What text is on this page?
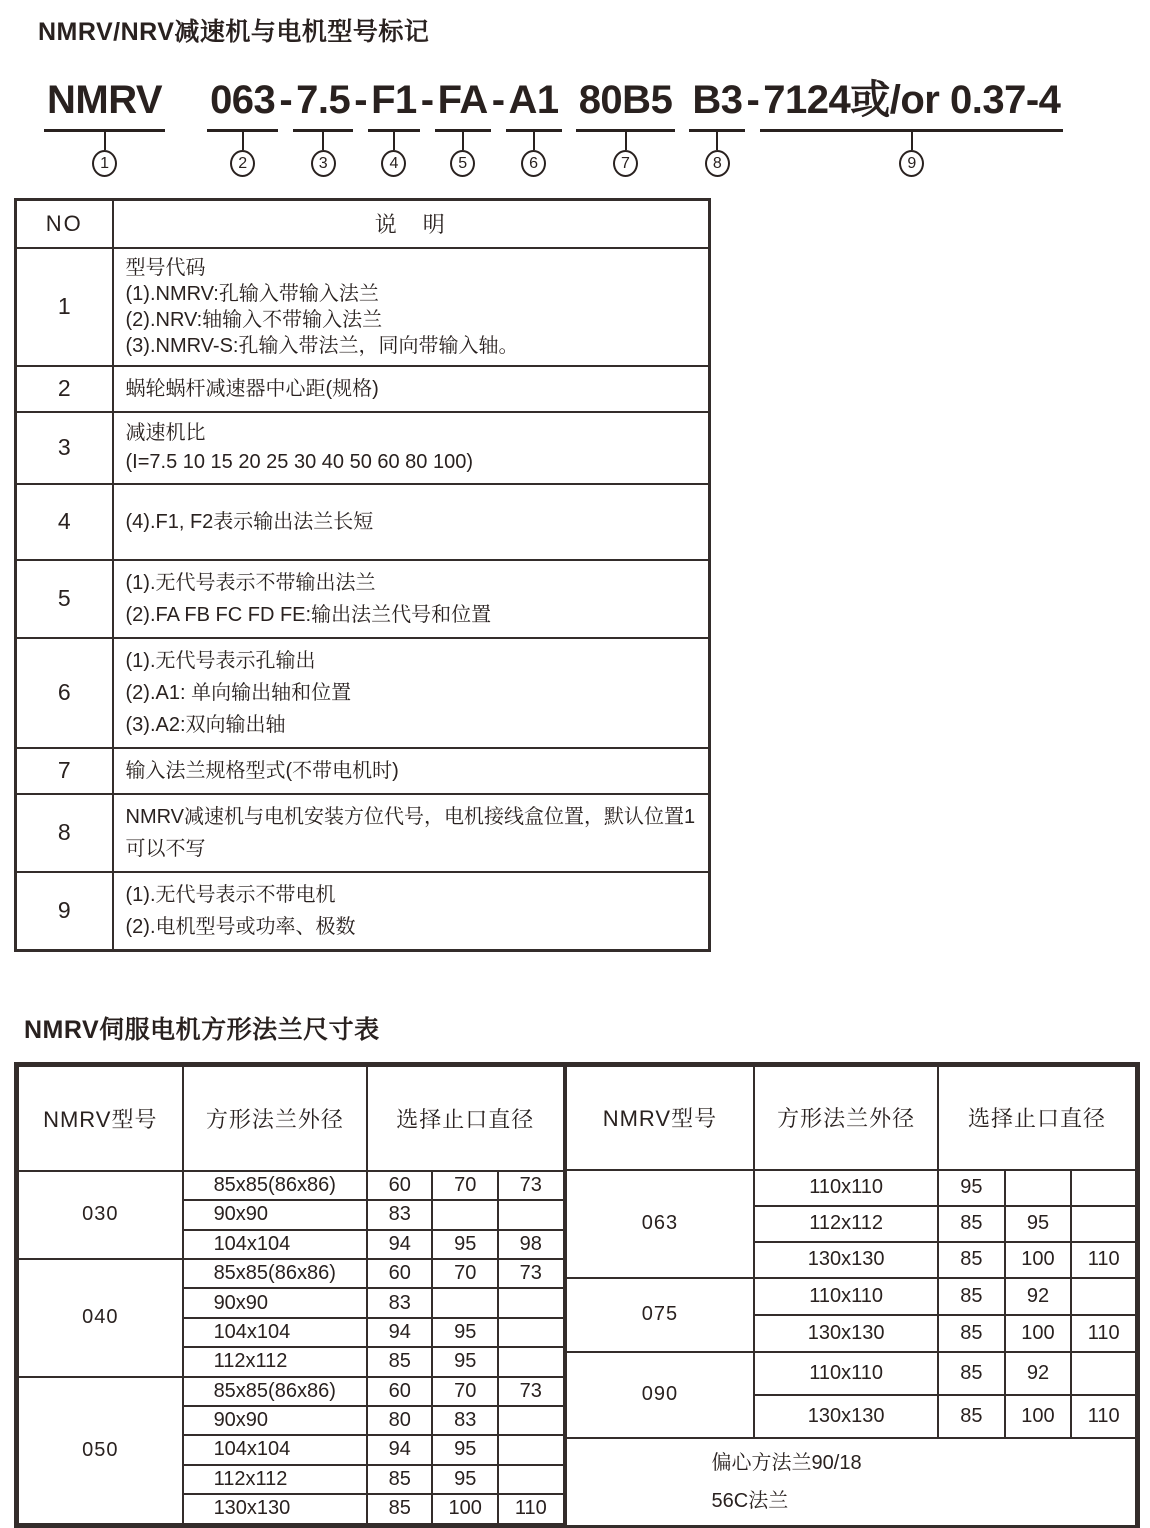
NMRV/NRV减速机与电机型号标记
NMRV
1
063
2
- 7.5
3
- F1
4
- FA
5
- A1
6
80B5
7
B3
8
- 7124或/or 0.37-4
9
NO	说　明
1	型号代码
(1).NMRV:孔输入带输入法兰
(2).NRV:轴输入不带输入法兰
(3).NMRV-S:孔输入带法兰，同向带输入轴。

2	蜗轮蜗杆减速器中心距(规格)

3	减速机比
(I=7.5 10 15 20 25 30 40 50 60 80 100)

4	(4).F1, F2表示输出法兰长短

5	(1).无代号表示不带输出法兰
(2).FA FB FC FD FE:输出法兰代号和位置

6	(1).无代号表示孔输出
(2).A1: 单向输出轴和位置
(3).A2:双向输出轴

7	输入法兰规格型式(不带电机时)

8	NMRV减速机与电机安装方位代号，电机接线盒位置，默认位置1可以不写

9	(1).无代号表示不带电机
(2).电机型号或功率、极数
NMRV伺服电机方形法兰尺寸表
NMRV型号	方形法兰外径	选择止口直径		
030	85x85(86x86)	60	70	73
	90x90	83		
	104x104	94	95	98
040	85x85(86x86)	60	70	73
	90x90	83		
	104x104	94	95	
	112x112	85	95	
050	85x85(86x86)	60	70	73
	90x90	80	83	
	104x104	94	95	
	112x112	85	95	
	130x130	85	100	110
NMRV型号	方形法兰外径	选择止口直径		
063	110x110	95		
	112x112	85	95	
	130x130	85	100	110
075	110x110	85	92	
	130x130	85	100	110
090	110x110	85	92	
	130x130	85	100	110

偏心方法兰90/18
56C法兰				
